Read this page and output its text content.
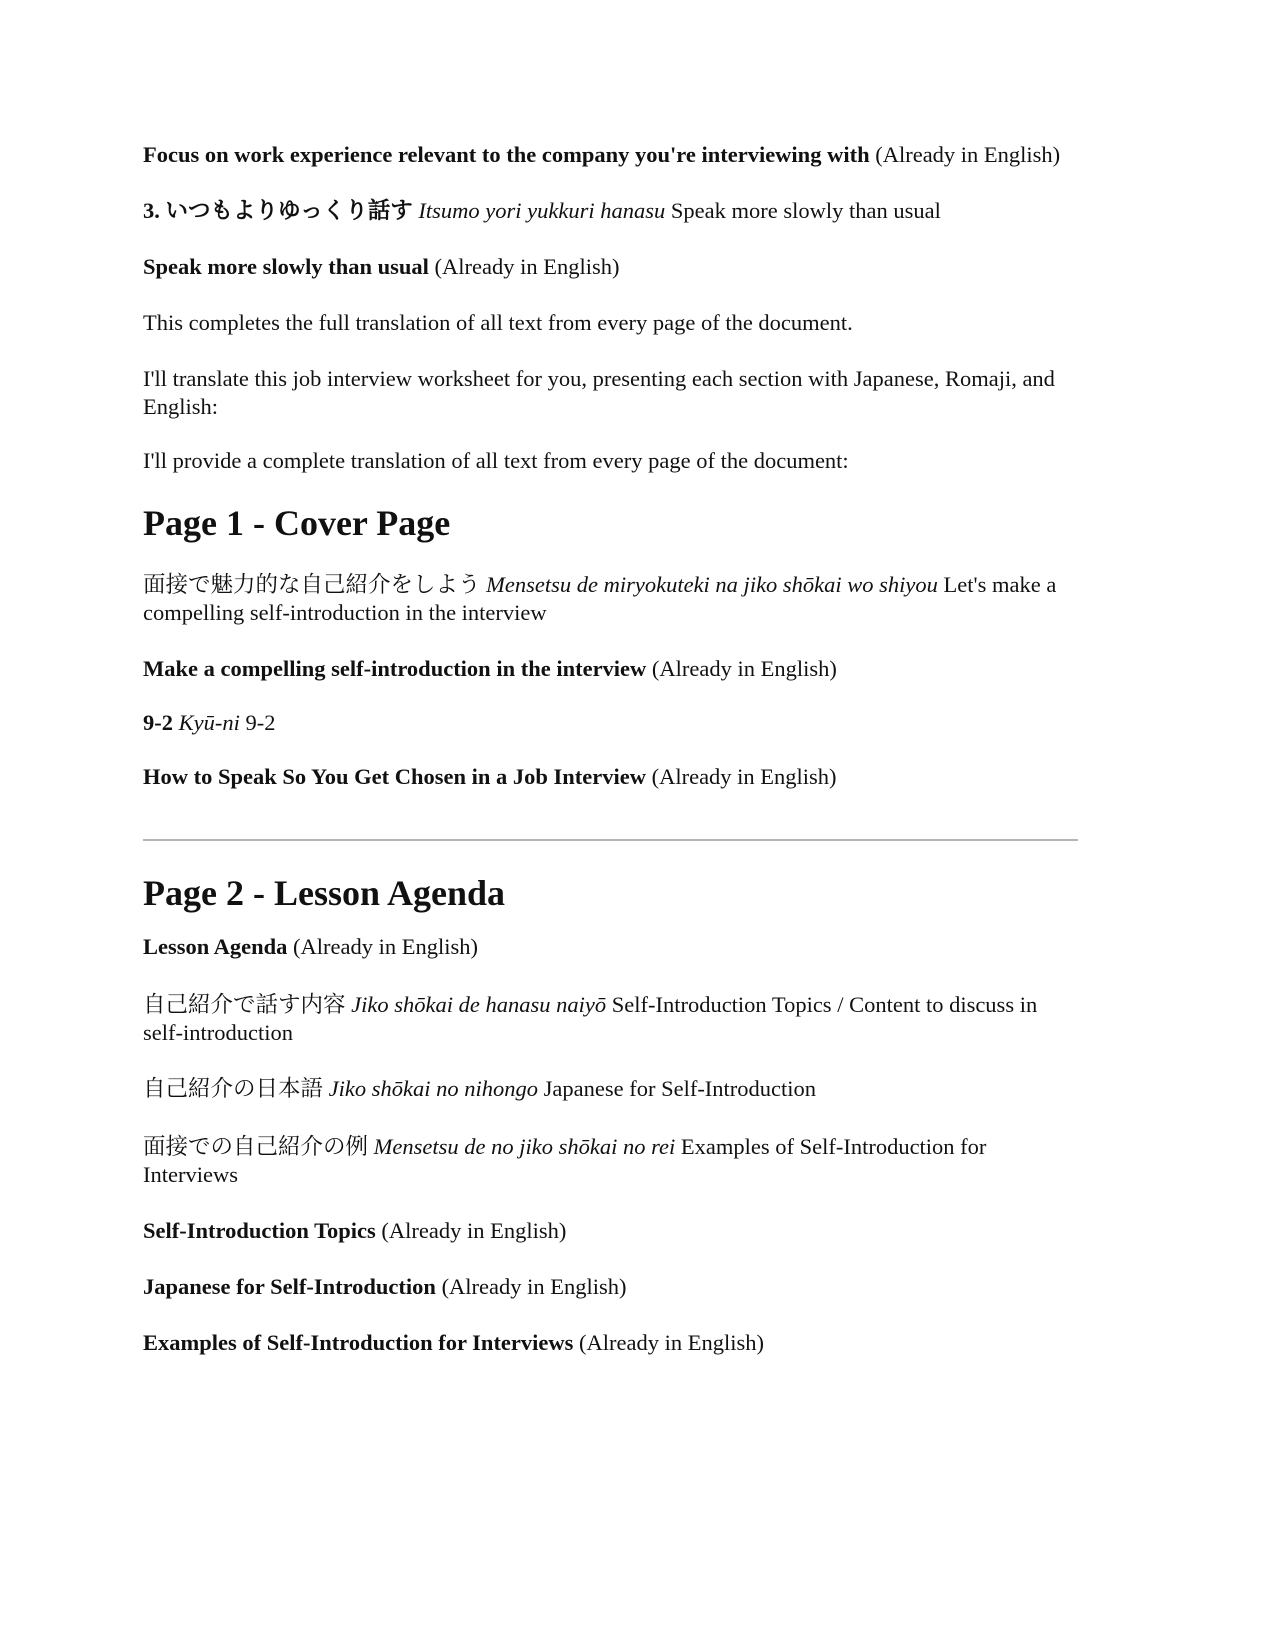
Focus on work experience relevant to the company you're interviewing with (Already in English)

3. いつもよりゆっくり話す Itsumo yori yukkuri hanasu Speak more slowly than usual

Speak more slowly than usual (Already in English)

This completes the full translation of all text from every page of the document.

I'll translate this job interview worksheet for you, presenting each section with Japanese, Romaji, and English:

I'll provide a complete translation of all text from every page of the document:

Page 1 - Cover Page

面接で魅力的な自己紹介をしよう Mensetsu de miryokuteki na jiko shōkai wo shiyou Let's make a compelling self-introduction in the interview

Make a compelling self-introduction in the interview (Already in English)

9-2 Kyū-ni 9-2

How to Speak So You Get Chosen in a Job Interview (Already in English)

Page 2 - Lesson Agenda

Lesson Agenda (Already in English)

自己紹介で話す内容 Jiko shōkai de hanasu naiyō Self-Introduction Topics / Content to discuss in self-introduction

自己紹介の日本語 Jiko shōkai no nihongo Japanese for Self-Introduction

面接での自己紹介の例 Mensetsu de no jiko shōkai no rei Examples of Self-Introduction for Interviews

Self-Introduction Topics (Already in English)

Japanese for Self-Introduction (Already in English)

Examples of Self-Introduction for Interviews (Already in English)
